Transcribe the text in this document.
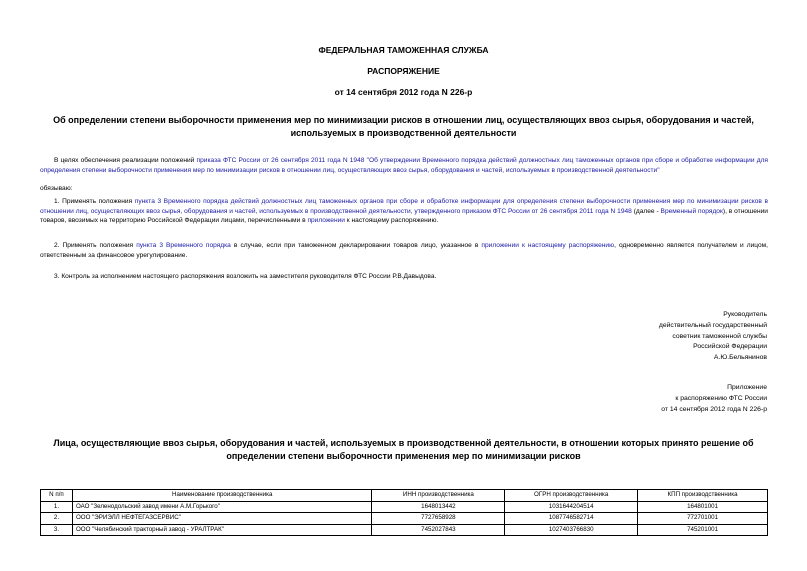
ФЕДЕРАЛЬНАЯ ТАМОЖЕННАЯ СЛУЖБА
РАСПОРЯЖЕНИЕ
от 14 сентября 2012 года N 226-р
Об определении степени выборочности применения мер по минимизации рисков в отношении лиц, осуществляющих ввоз сырья, оборудования и частей,
используемых в производственной деятельности
В целях обеспечения реализации положений приказа ФТС России от 26 сентября 2011 года N 1948 "Об утверждении Временного порядка действий должностных лиц таможенных органов при сборе и обработке информации для определения степени выборочности применения мер по минимизации рисков в отношении лиц, осуществляющих ввоз сырья, оборудования и частей, используемых в производственной деятельности"
обязываю:
1. Применять положения пункта 3 Временного порядка действий должностных лиц таможенных органов при сборе и обработке информации для определения степени выборочности применения мер по минимизации рисков в отношении лиц, осуществляющих ввоз сырья, оборудования и частей, используемых в производственной деятельности, утвержденного приказом ФТС России от 26 сентября 2011 года N 1948 (далее - Временный порядок), в отношении товаров, ввозимых на территорию Российской Федерации лицами, перечисленными в приложении к настоящему распоряжению.
2. Применять положения пункта 3 Временного порядка в случае, если при таможенном декларировании товаров лицо, указанное в приложении к настоящему распоряжению, одновременно является получателем и лицом, ответственным за финансовое урегулирование.
3. Контроль за исполнением настоящего распоряжения возложить на заместителя руководителя ФТС России Р.В.Давыдова.
Руководитель
действительный государственный
советник таможенной службы
Российской Федерации
А.Ю.Бельянинов
Приложение
к распоряжению ФТС России
от 14 сентября 2012 года N 226-р
Лица, осуществляющие ввоз сырья, оборудования и частей, используемых в производственной деятельности, в отношении которых принято решение об
определении степени выборочности применения мер по минимизации рисков
N п/п	Наименование производственника	ИНН производственника	ОГРН производственника	КПП производственника
1.	ОАО "Зеленодольский завод имени А.М.Горького"	1648013442	1031644204514	164801001
2.	ООО "ЭРИЭЛЛ НЕФТЕГАЗСЕРВИС"	7727658928	1087746582714	772701001
3.	ООО "Челябинский тракторный завод - УРАЛТРАК"	7452027843	1027403766830	745201001
